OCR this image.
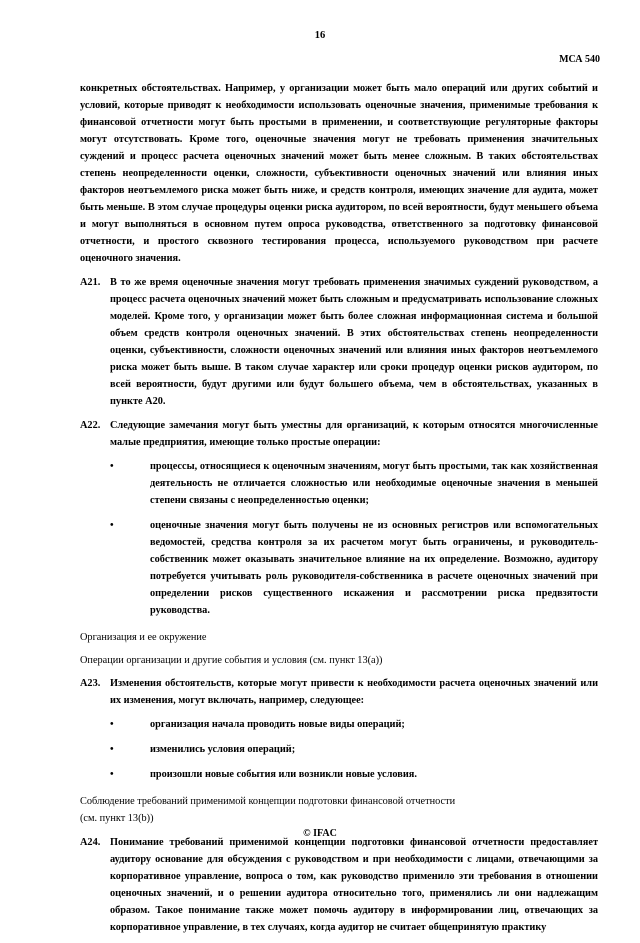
16
МСА 540

конкретных обстоятельствах. Например, у организации может быть мало операций или других событий и условий, которые приводят к необходимости использовать оценочные значения, применимые требования к финансовой отчетности могут быть простыми в применении, и соответствующие регуляторные факторы могут отсутствовать. Кроме того, оценочные значения могут не требовать применения значительных суждений и процесс расчета оценочных значений может быть менее сложным. В таких обстоятельствах степень неопределенности оценки, сложности, субъективности оценочных значений или влияния иных факторов неотъемлемого риска может быть ниже, и средств контроля, имеющих значение для аудита, может быть меньше. В этом случае процедуры оценки риска аудитором, по всей вероятности, будут меньшего объема и могут выполняться в основном путем опроса руководства, ответственного за подготовку финансовой отчетности, и простого сквозного тестирования процесса, используемого руководством при расчете оценочного значения.

A21. В то же время оценочные значения могут требовать применения значимых суждений руководством, а процесс расчета оценочных значений может быть сложным и предусматривать использование сложных моделей. Кроме того, у организации может быть более сложная информационная система и большой объем средств контроля оценочных значений. В этих обстоятельствах степень неопределенности оценки, субъективности, сложности оценочных значений или влияния иных факторов неотъемлемого риска может быть выше. В таком случае характер или сроки процедур оценки рисков аудитором, по всей вероятности, будут другими или будут большего объема, чем в обстоятельствах, указанных в пункте А20.
A22. Следующие замечания могут быть уместны для организаций, к которым относятся многочисленные малые предприятия, имеющие только простые операции:
•	процессы, относящиеся к оценочным значениям, могут быть простыми, так как хозяйственная деятельность не отличается сложностью или необходимые оценочные значения в меньшей степени связаны с неопределенностью оценки;
•	оценочные значения могут быть получены не из основных регистров или вспомогательных ведомостей, средства контроля за их расчетом могут быть ограничены, и руководитель-собственник может оказывать значительное влияние на их определение. Возможно, аудитору потребуется учитывать роль руководителя-собственника в расчете оценочных значений при определении рисков существенного искажения и рассмотрении риска предвзятости руководства.
Организация и ее окружение
Операции организации и другие события и условия (см. пункт 13(a))
A23. Изменения обстоятельств, которые могут привести к необходимости расчета оценочных значений или их изменения, могут включать, например, следующее:
•	организация начала проводить новые виды операций;
•	изменились условия операций;
•	произошли новые события или возникли новые условия.
Соблюдение требований применимой концепции подготовки финансовой отчетности
(см. пункт 13(b))
A24. Понимание требований применимой концепции подготовки финансовой отчетности предоставляет аудитору основание для обсуждения с руководством и при необходимости с лицами, отвечающими за корпоративное управление, вопроса о том, как руководство применило эти требования в отношении оценочных значений, и о решении аудитора относительно того, применялись ли они надлежащим образом. Такое понимание также может помочь аудитору в информировании лиц, отвечающих за корпоративное управление, в тех случаях, когда аудитор не считает общепринятую практику
© IFAC
